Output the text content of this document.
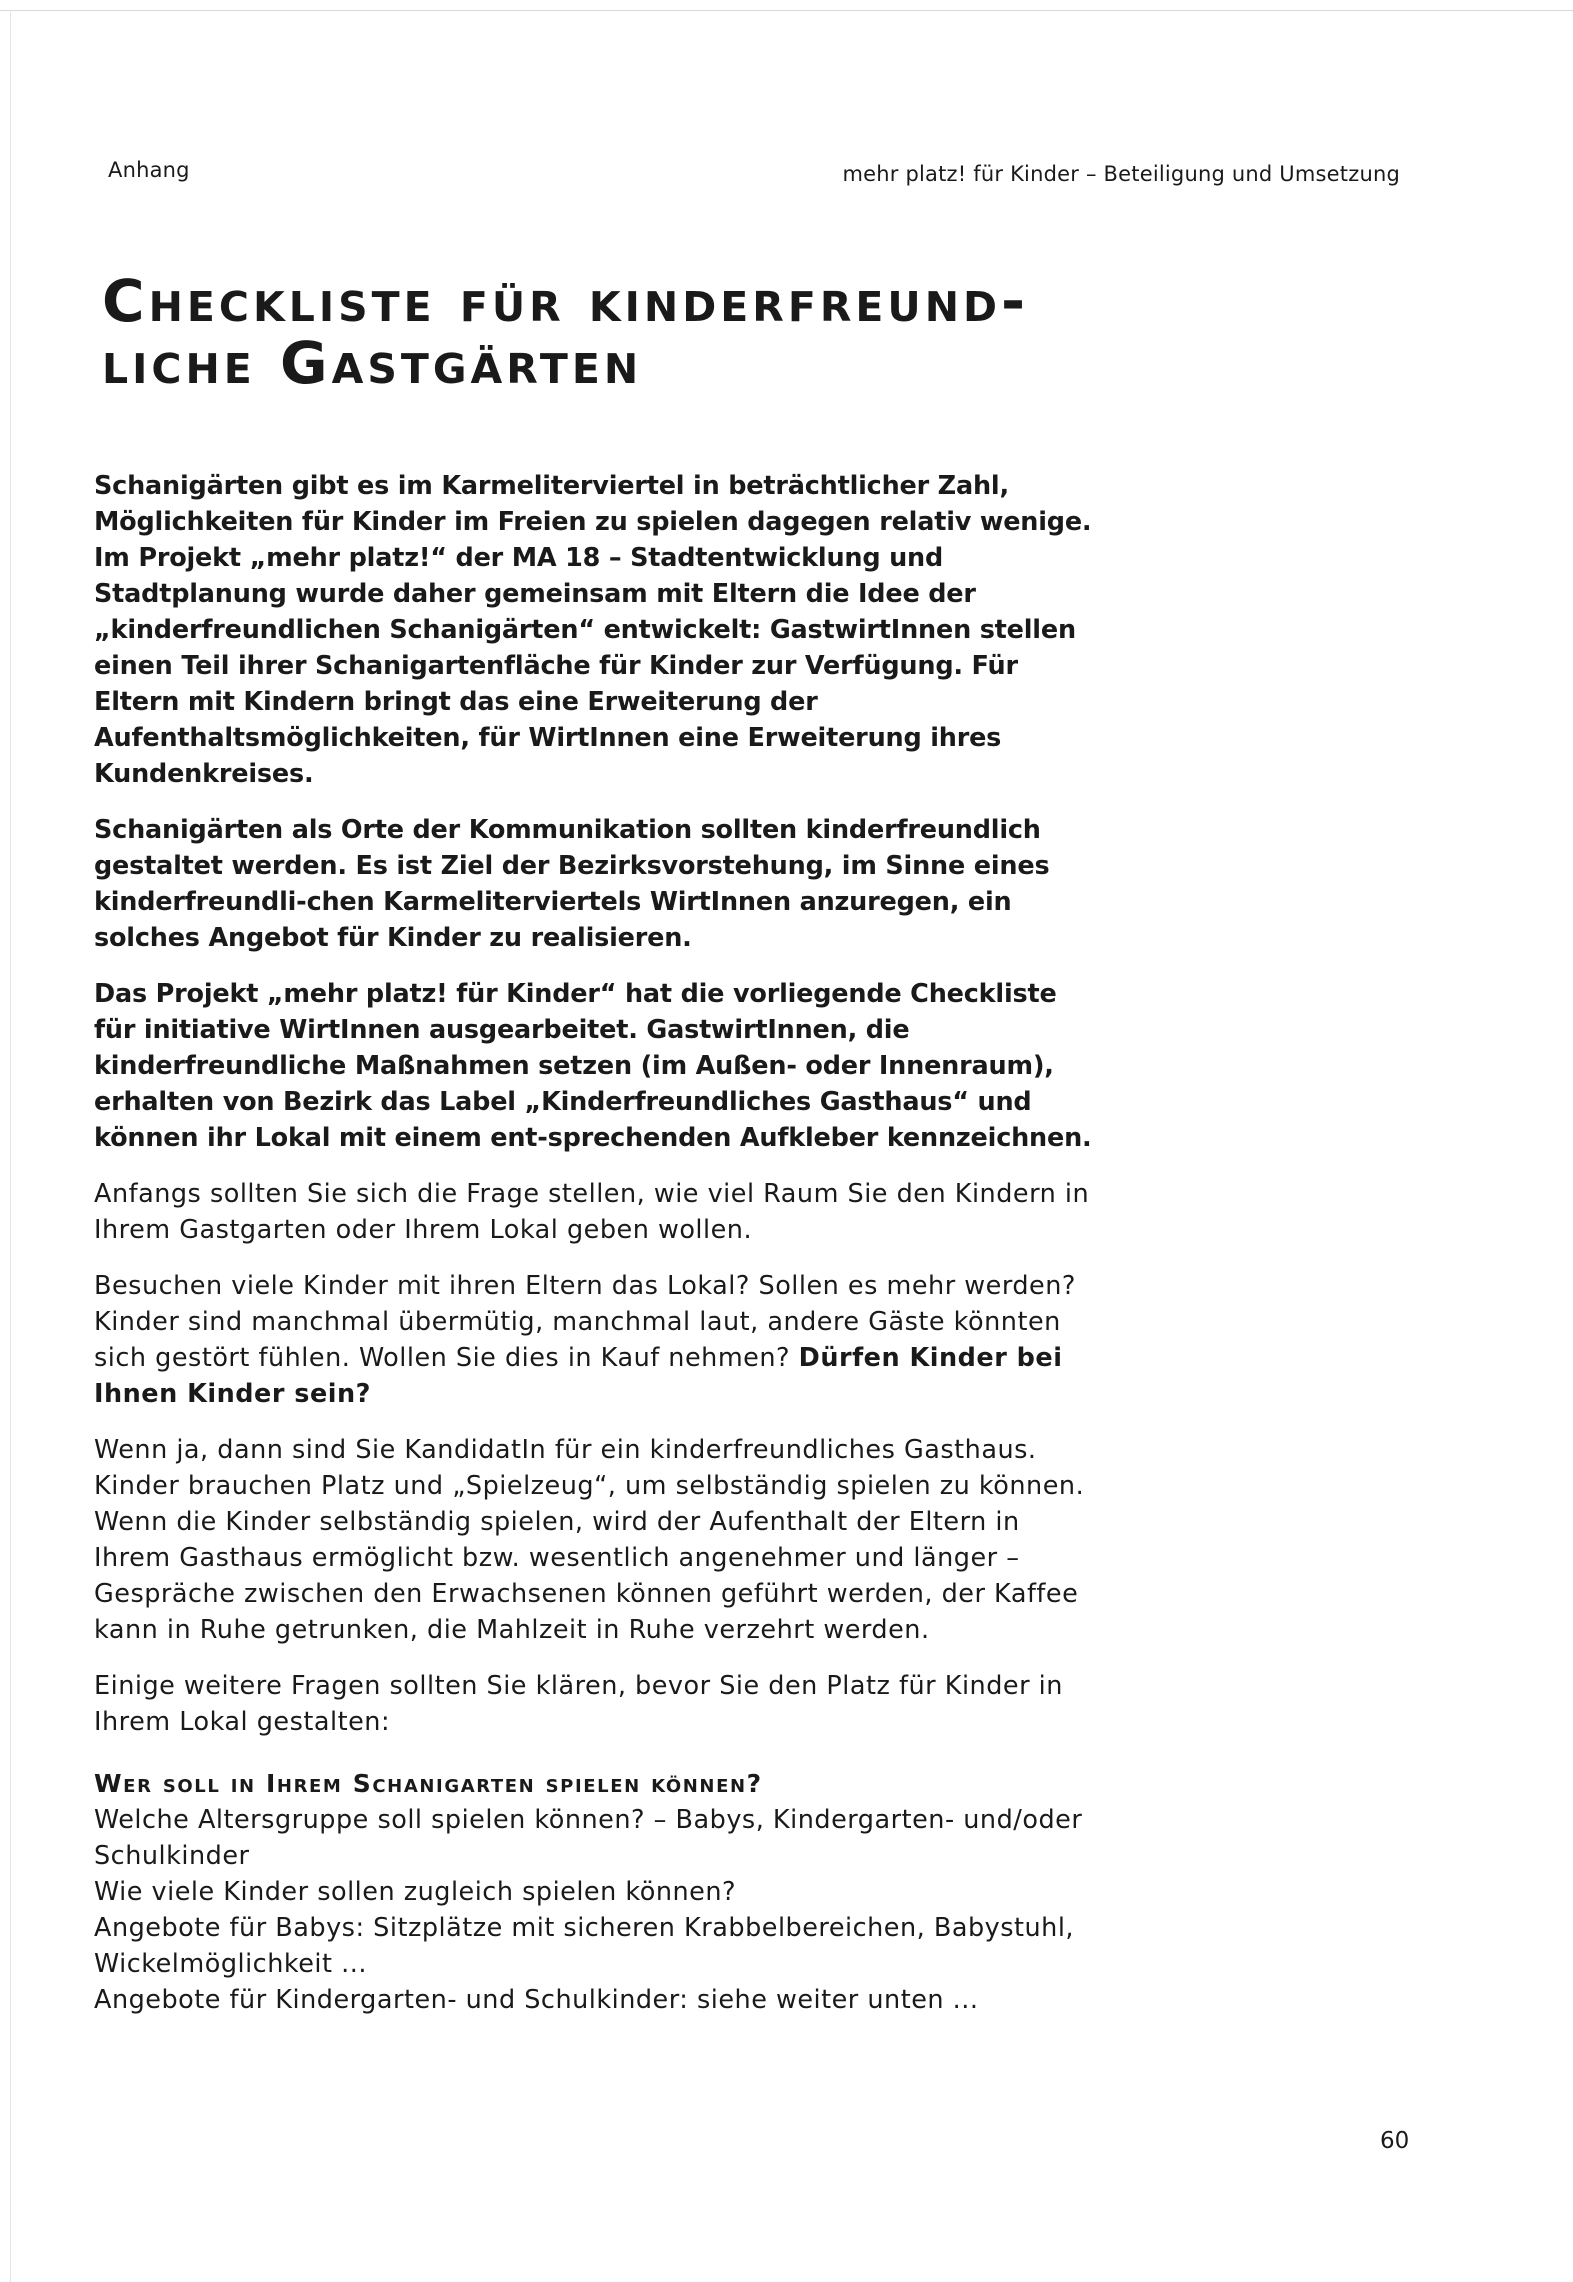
Anhang	mehr platz! für Kinder – Beteiligung und Umsetzung
Checkliste für kinderfreund-
liche Gastgärten

Schanigärten gibt es im Karmeliterviertel in beträchtlicher Zahl, Möglichkeiten für Kinder im Freien zu spielen dagegen relativ wenige. Im Projekt „mehr platz!“ der MA 18 – Stadtentwicklung und Stadtplanung wurde daher gemeinsam mit Eltern die Idee der „kinderfreundlichen Schanigärten“ entwickelt: GastwirtInnen stellen einen Teil ihrer Schanigartenfläche für Kinder zur Verfügung. Für Eltern mit Kindern bringt das eine Erweiterung der Aufenthaltsmöglichkeiten, für WirtInnen eine Erweiterung ihres Kundenkreises.

Schanigärten als Orte der Kommunikation sollten kinderfreundlich gestaltet werden. Es ist Ziel der Bezirksvorstehung, im Sinne eines kinderfreundli-chen Karmeliterviertels WirtInnen anzuregen, ein solches Angebot für Kinder zu realisieren.

Das Projekt „mehr platz! für Kinder“ hat die vorliegende Checkliste für initiative WirtInnen ausgearbeitet. GastwirtInnen, die kinderfreundliche Maßnahmen setzen (im Außen- oder Innenraum), erhalten von Bezirk das Label „Kinderfreundliches Gasthaus“ und können ihr Lokal mit einem ent-sprechenden Aufkleber kennzeichnen.

Anfangs sollten Sie sich die Frage stellen, wie viel Raum Sie den Kindern in Ihrem Gastgarten oder Ihrem Lokal geben wollen.

Besuchen viele Kinder mit ihren Eltern das Lokal? Sollen es mehr werden? Kinder sind manchmal übermütig, manchmal laut, andere Gäste könnten sich gestört fühlen. Wollen Sie dies in Kauf nehmen? Dürfen Kinder bei Ihnen Kinder sein?

Wenn ja, dann sind Sie KandidatIn für ein kinderfreundliches Gasthaus. Kinder brauchen Platz und „Spielzeug“, um selbständig spielen zu können. Wenn die Kinder selbständig spielen, wird der Aufenthalt der Eltern in Ihrem Gasthaus ermöglicht bzw. wesentlich angenehmer und länger – Gespräche zwischen den Erwachsenen können geführt werden, der Kaffee kann in Ruhe getrunken, die Mahlzeit in Ruhe verzehrt werden.

Einige weitere Fragen sollten Sie klären, bevor Sie den Platz für Kinder in Ihrem Lokal gestalten:

Wer soll in Ihrem Schanigarten spielen können?

Welche Altersgruppe soll spielen können? – Babys, Kindergarten- und/oder Schulkinder

Wie viele Kinder sollen zugleich spielen können?

Angebote für Babys: Sitzplätze mit sicheren Krabbelbereichen, Babystuhl, Wickelmöglichkeit ...

Angebote für Kindergarten- und Schulkinder: siehe weiter unten ...

60
